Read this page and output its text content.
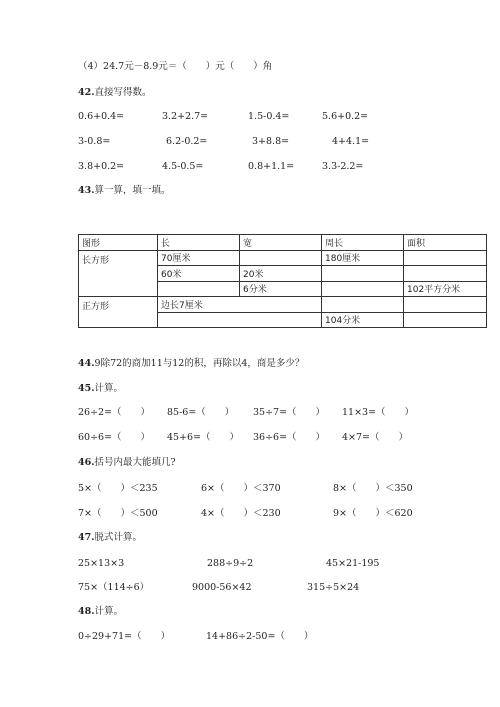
（4）24.7元－8.9元＝（　　）元（　　）角
42.直接写得数。
0.6+0.4=	3.2+2.7=	1.5-0.4=	5.6+0.2=
3-0.8=	6.2-0.2=	3+8.8=	4+4.1=
3.8+0.2=	4.5-0.5=	0.8+1.1=	3.3-2.2=
43.算一算，填一填。
图形	长	宽	周长	面积
长方形	70厘米		180厘米	
	60米	20米		
		6分米		102平方分米
正方形	边长7厘米			
			104分米	
44.9除72的商加11与12的积，再除以4，商是多少？
45.计算。
26÷2=（　　） 85-6=（　　） 35÷7=（　　） 11×3=（　　）
60÷6=（　　） 45+6=（　　） 36÷6=（　　） 4×7=（　　）
46.括号内最大能填几?
5×（　　）＜235	6×（　　）＜370	8×（　　）＜350
7×（　　）＜500	4×（　　）＜230	9×（　　）＜620
47.脱式计算。
25×13×3	288÷9÷2	45×21-195
75×（114÷6）	9000-56×42	315÷5×24
48.计算。
0÷29+71=（　　）	14+86÷2-50=（　　）
